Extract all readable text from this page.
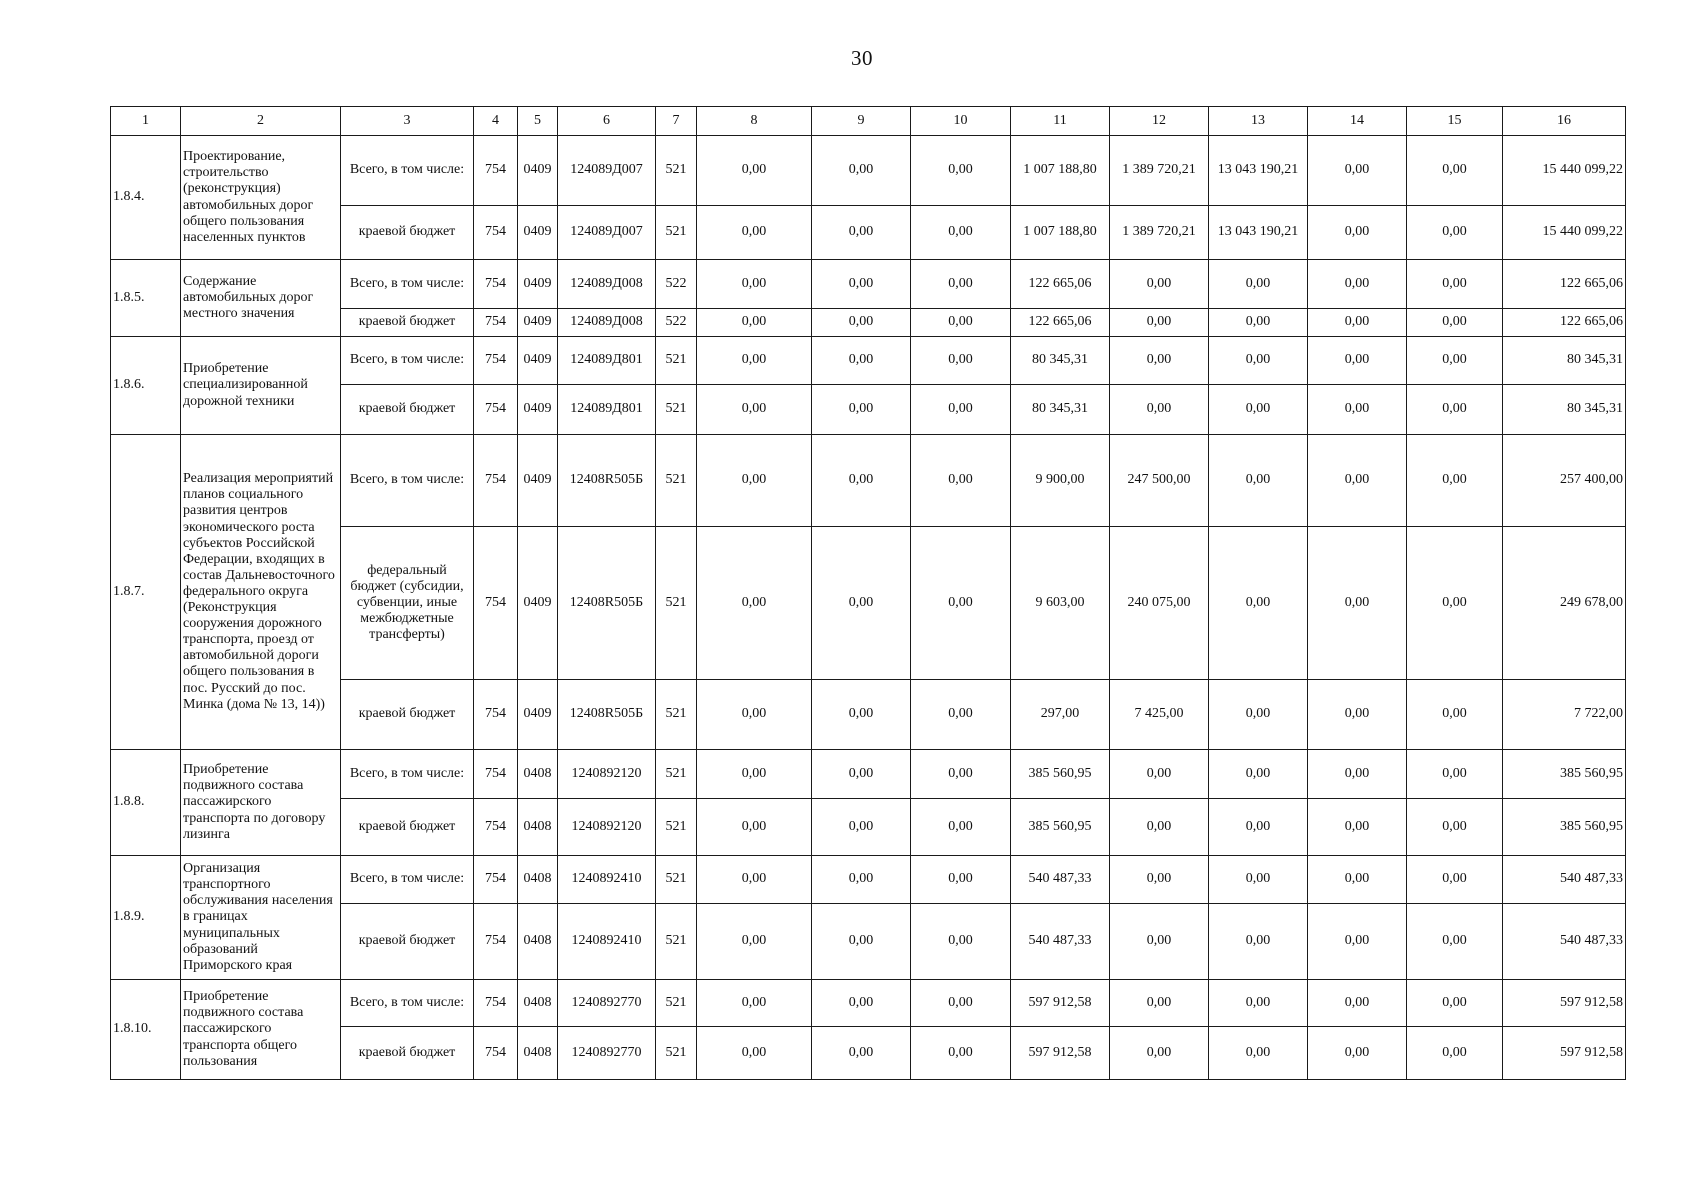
30
1	2	3	4	5	6	7	8	9	10	11	12	13	14	15	16
1.8.4.	Проектирование, строительство (реконструкция) автомобильных дорог общего пользования населенных пунктов	Всего, в том числе:	754	0409	124089Д007	521	0,00	0,00	0,00	1 007 188,80	1 389 720,21	13 043 190,21	0,00	0,00	15 440 099,22
		краевой бюджет	754	0409	124089Д007	521	0,00	0,00	0,00	1 007 188,80	1 389 720,21	13 043 190,21	0,00	0,00	15 440 099,22
1.8.5.	Содержание автомобильных дорог местного значения	Всего, в том числе:	754	0409	124089Д008	522	0,00	0,00	0,00	122 665,06	0,00	0,00	0,00	0,00	122 665,06
		краевой бюджет	754	0409	124089Д008	522	0,00	0,00	0,00	122 665,06	0,00	0,00	0,00	0,00	122 665,06
1.8.6.	Приобретение специализированной дорожной техники	Всего, в том числе:	754	0409	124089Д801	521	0,00	0,00	0,00	80 345,31	0,00	0,00	0,00	0,00	80 345,31
		краевой бюджет	754	0409	124089Д801	521	0,00	0,00	0,00	80 345,31	0,00	0,00	0,00	0,00	80 345,31
1.8.7.	Реализация мероприятий планов социального развития центров экономического роста субъектов Российской Федерации, входящих в состав Дальневосточного федерального округа (Реконструкция сооружения дорожного транспорта, проезд от автомобильной дороги общего пользования в пос. Русский до пос. Минка (дома № 13, 14))	Всего, в том числе:	754	0409	12408R505Б	521	0,00	0,00	0,00	9 900,00	247 500,00	0,00	0,00	0,00	257 400,00
		федеральный бюджет (субсидии, субвенции, иные межбюджетные трансферты)	754	0409	12408R505Б	521	0,00	0,00	0,00	9 603,00	240 075,00	0,00	0,00	0,00	249 678,00
		краевой бюджет	754	0409	12408R505Б	521	0,00	0,00	0,00	297,00	7 425,00	0,00	0,00	0,00	7 722,00
1.8.8.	Приобретение подвижного состава пассажирского транспорта по договору лизинга	Всего, в том числе:	754	0408	1240892120	521	0,00	0,00	0,00	385 560,95	0,00	0,00	0,00	0,00	385 560,95
		краевой бюджет	754	0408	1240892120	521	0,00	0,00	0,00	385 560,95	0,00	0,00	0,00	0,00	385 560,95
1.8.9.	Организация транспортного обслуживания населения в границах муниципальных образований Приморского края	Всего, в том числе:	754	0408	1240892410	521	0,00	0,00	0,00	540 487,33	0,00	0,00	0,00	0,00	540 487,33
		краевой бюджет	754	0408	1240892410	521	0,00	0,00	0,00	540 487,33	0,00	0,00	0,00	0,00	540 487,33
1.8.10.	Приобретение подвижного состава пассажирского транспорта общего пользования	Всего, в том числе:	754	0408	1240892770	521	0,00	0,00	0,00	597 912,58	0,00	0,00	0,00	0,00	597 912,58
		краевой бюджет	754	0408	1240892770	521	0,00	0,00	0,00	597 912,58	0,00	0,00	0,00	0,00	597 912,58
